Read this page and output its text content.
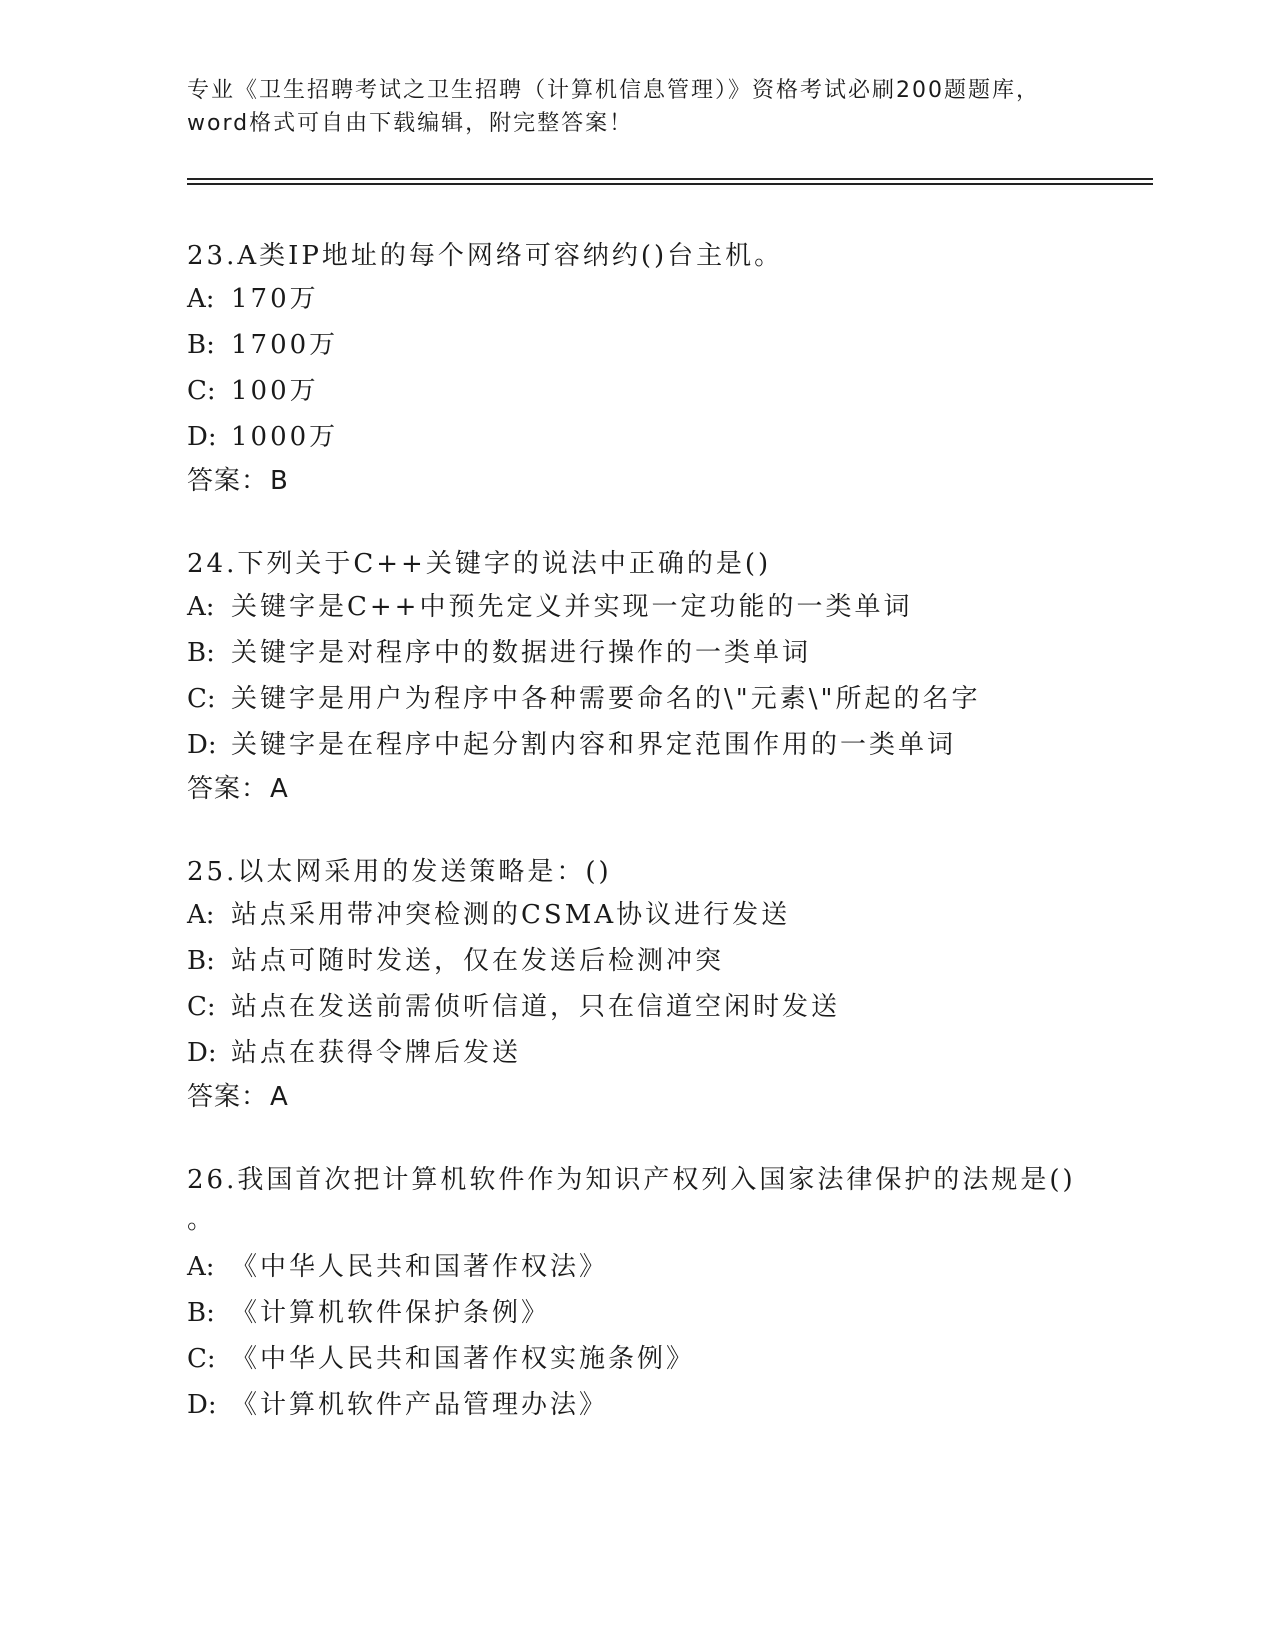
专业《卫生招聘考试之卫生招聘（计算机信息管理）》资格考试必刷200题题库，
word格式可自由下载编辑，附完整答案！
23.A类IP地址的每个网络可容纳约()台主机。
A: 170万
B: 1700万
C: 100万
D: 1000万
答案：B
24.下列关于C++关键字的说法中正确的是()
A: 关键字是C++中预先定义并实现一定功能的一类单词
B: 关键字是对程序中的数据进行操作的一类单词
C: 关键字是用户为程序中各种需要命名的\"元素\"所起的名字
D: 关键字是在程序中起分割内容和界定范围作用的一类单词
答案：A
25.以太网采用的发送策略是：()
A: 站点采用带冲突检测的CSMA协议进行发送
B: 站点可随时发送，仅在发送后检测冲突
C: 站点在发送前需侦听信道，只在信道空闲时发送
D: 站点在获得令牌后发送
答案：A
26.我国首次把计算机软件作为知识产权列入国家法律保护的法规是()
。
A: 《中华人民共和国著作权法》
B: 《计算机软件保护条例》
C: 《中华人民共和国著作权实施条例》
D: 《计算机软件产品管理办法》
